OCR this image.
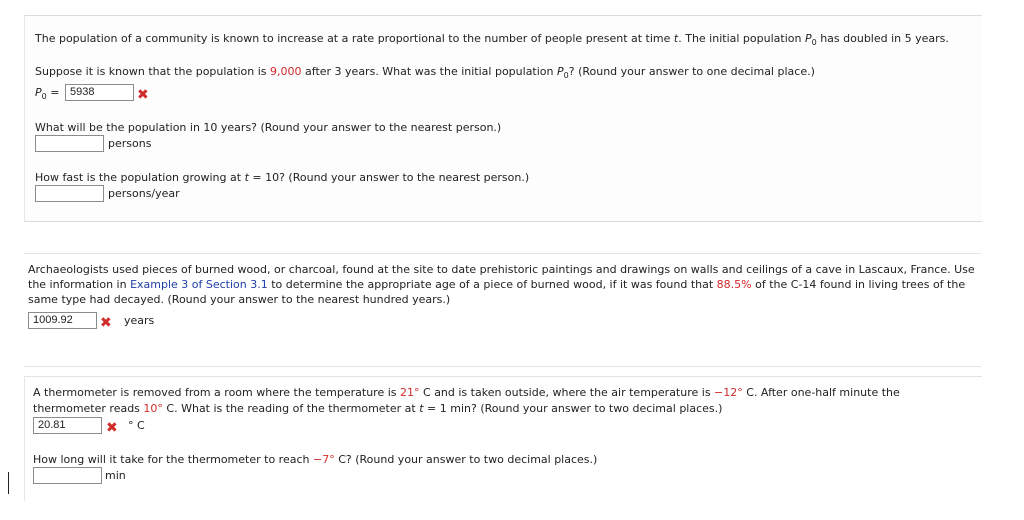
The population of a community is known to increase at a rate proportional to the number of people present at time t. The initial population $P_0$ has doubled in 5 years.
Suppose it is known that the population is 9,000 after 3 years. What was the initial population $P_0$? (Round your answer to one decimal place.)
$P_0 = 5938$	✖
What will be the population in 10 years? (Round your answer to the nearest person.)
persons
How fast is the population growing at t = 10? (Round your answer to the nearest person.)
persons/year
Archaeologists used pieces of burned wood, or charcoal, found at the site to date prehistoric paintings and drawings on walls and ceilings of a cave in Lascaux, France. Use the information in Example 3 of Section 3.1 to determine the appropriate age of a piece of burned wood, if it was found that 88.5% of the C-14 found in living trees of the same type had decayed. (Round your answer to the nearest hundred years.)
1009.92	✖ years
A thermometer is removed from a room where the temperature is 21° C and is taken outside, where the air temperature is −12° C. After one-half minute the thermometer reads 10° C. What is the reading of the thermometer at t = 1 min? (Round your answer to two decimal places.)
20.81	✖ ° C
How long will it take for the thermometer to reach −7° C? (Round your answer to two decimal places.)
min
